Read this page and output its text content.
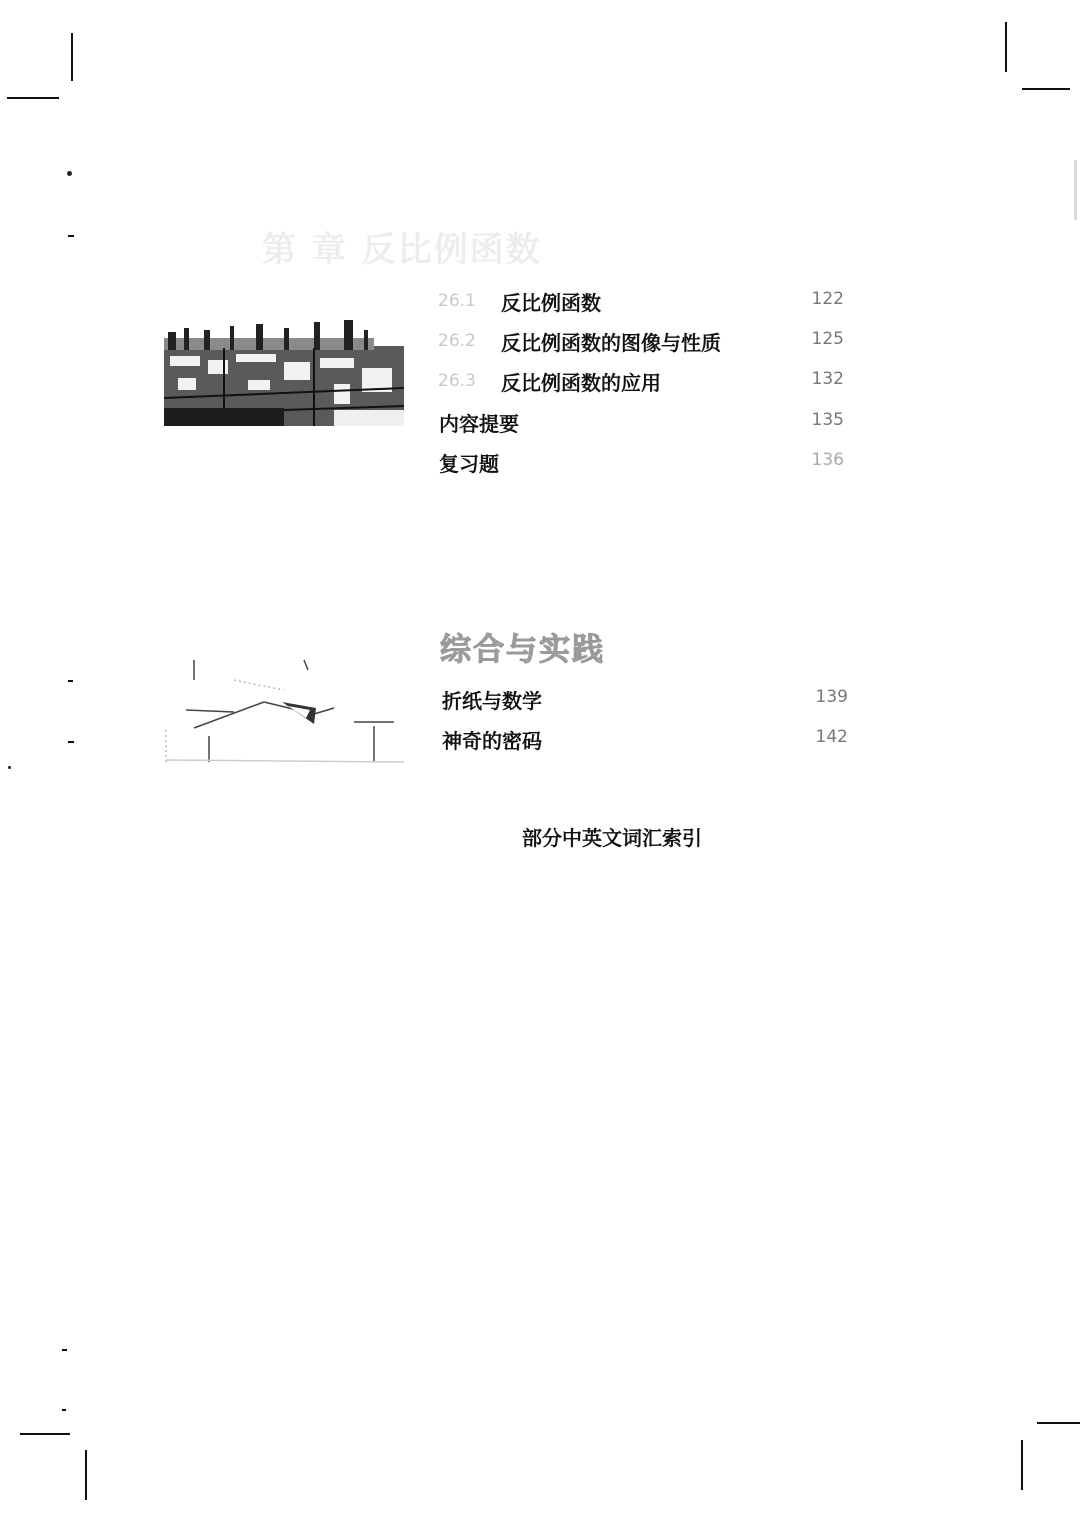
第 章 反比例函数
26.1 反比例函数	122
26.2 反比例函数的图像与性质	125
26.3 反比例函数的应用	132
内容提要	135
复习题	136
综合与实践
折纸与数学	139
神奇的密码	142
部分中英文词汇索引
